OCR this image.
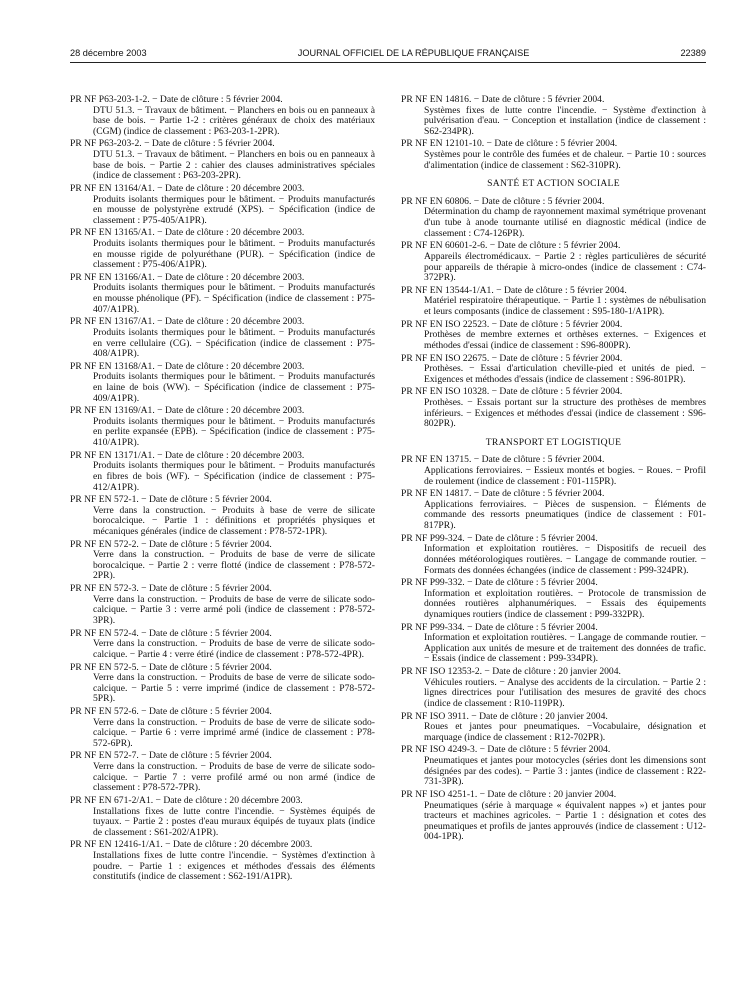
28 décembre 2003	JOURNAL OFFICIEL DE LA RÉPUBLIQUE FRANÇAISE	22389
PR NF P63-203-1-2. − Date de clôture : 5 février 2004.
DTU 51.3. − Travaux de bâtiment. − Planchers en bois ou en panneaux à base de bois. − Partie 1-2 : critères généraux de choix des matériaux (CGM) (indice de classement : P63-203-1-2PR).
PR NF P63-203-2. − Date de clôture : 5 février 2004.
DTU 51.3. − Travaux de bâtiment. − Planchers en bois ou en panneaux à base de bois. − Partie 2 : cahier des clauses administratives spéciales (indice de classement : P63-203-2PR).
PR NF EN 13164/A1. − Date de clôture : 20 décembre 2003.
Produits isolants thermiques pour le bâtiment. − Produits manufacturés en mousse de polystyrène extrudé (XPS). − Spécification (indice de classement : P75-405/A1PR).
PR NF EN 13165/A1. − Date de clôture : 20 décembre 2003.
Produits isolants thermiques pour le bâtiment. − Produits manufacturés en mousse rigide de polyuréthane (PUR). − Spécification (indice de classement : P75-406/A1PR).
PR NF EN 13166/A1. − Date de clôture : 20 décembre 2003.
Produits isolants thermiques pour le bâtiment. − Produits manufacturés en mousse phénolique (PF). − Spécification (indice de classement : P75-407/A1PR).
PR NF EN 13167/A1. − Date de clôture : 20 décembre 2003.
Produits isolants thermiques pour le bâtiment. − Produits manufacturés en verre cellulaire (CG). − Spécification (indice de classement : P75-408/A1PR).
PR NF EN 13168/A1. − Date de clôture : 20 décembre 2003.
Produits isolants thermiques pour le bâtiment. − Produits manufacturés en laine de bois (WW). − Spécification (indice de classement : P75-409/A1PR).
PR NF EN 13169/A1. − Date de clôture : 20 décembre 2003.
Produits isolants thermiques pour le bâtiment. − Produits manufacturés en perlite expansée (EPB). − Spécification (indice de classement : P75-410/A1PR).
PR NF EN 13171/A1. − Date de clôture : 20 décembre 2003.
Produits isolants thermiques pour le bâtiment. − Produits manufacturés en fibres de bois (WF). − Spécification (indice de classement : P75-412/A1PR).
PR NF EN 572-1. − Date de clôture : 5 février 2004.
Verre dans la construction. − Produits à base de verre de silicate borocalcique. − Partie 1 : définitions et propriétés physiques et mécaniques générales (indice de classement : P78-572-1PR).
PR NF EN 572-2. − Date de clôture : 5 février 2004.
Verre dans la construction. − Produits de base de verre de silicate borocalcique. − Partie 2 : verre flotté (indice de classement : P78-572-2PR).
PR NF EN 572-3. − Date de clôture : 5 février 2004.
Verre dans la construction. − Produits de base de verre de silicate sodo-calcique. − Partie 3 : verre armé poli (indice de classement : P78-572-3PR).
PR NF EN 572-4. − Date de clôture : 5 février 2004.
Verre dans la construction. − Produits de base de verre de silicate sodo-calcique. − Partie 4 : verre étiré (indice de classement : P78-572-4PR).
PR NF EN 572-5. − Date de clôture : 5 février 2004.
Verre dans la construction. − Produits de base de verre de silicate sodo-calcique. − Partie 5 : verre imprimé (indice de classement : P78-572-5PR).
PR NF EN 572-6. − Date de clôture : 5 février 2004.
Verre dans la construction. − Produits de base de verre de silicate sodo-calcique. − Partie 6 : verre imprimé armé (indice de classement : P78-572-6PR).
PR NF EN 572-7. − Date de clôture : 5 février 2004.
Verre dans la construction. − Produits de base de verre de silicate sodo-calcique. − Partie 7 : verre profilé armé ou non armé (indice de classement : P78-572-7PR).
PR NF EN 671-2/A1. − Date de clôture : 20 décembre 2003.
Installations fixes de lutte contre l'incendie. − Systèmes équipés de tuyaux. − Partie 2 : postes d'eau muraux équipés de tuyaux plats (indice de classement : S61-202/A1PR).
PR NF EN 12416-1/A1. − Date de clôture : 20 décembre 2003.
Installations fixes de lutte contre l'incendie. − Systèmes d'extinction à poudre. − Partie 1 : exigences et méthodes d'essais des éléments constitutifs (indice de classement : S62-191/A1PR).
PR NF EN 14816. − Date de clôture : 5 février 2004.
Systèmes fixes de lutte contre l'incendie. − Système d'extinction à pulvérisation d'eau. − Conception et installation (indice de classement : S62-234PR).
PR NF EN 12101-10. − Date de clôture : 5 février 2004.
Systèmes pour le contrôle des fumées et de chaleur. − Partie 10 : sources d'alimentation (indice de classement : S62-310PR).
SANTÉ ET ACTION SOCIALE
PR NF EN 60806. − Date de clôture : 5 février 2004.
Détermination du champ de rayonnement maximal symétrique provenant d'un tube à anode tournante utilisé en diagnostic médical (indice de classement : C74-126PR).
PR NF EN 60601-2-6. − Date de clôture : 5 février 2004.
Appareils électromédicaux. − Partie 2 : règles particulières de sécurité pour appareils de thérapie à micro-ondes (indice de classement : C74-372PR).
PR NF EN 13544-1/A1. − Date de clôture : 5 février 2004.
Matériel respiratoire thérapeutique. − Partie 1 : systèmes de nébulisation et leurs composants (indice de classement : S95-180-1/A1PR).
PR NF EN ISO 22523. − Date de clôture : 5 février 2004.
Prothèses de membre externes et orthèses externes. − Exigences et méthodes d'essai (indice de classement : S96-800PR).
PR NF EN ISO 22675. − Date de clôture : 5 février 2004.
Prothèses. − Essai d'articulation cheville-pied et unités de pied. − Exigences et méthodes d'essais (indice de classement : S96-801PR).
PR NF EN ISO 10328. − Date de clôture : 5 février 2004.
Prothèses. − Essais portant sur la structure des prothèses de membres inférieurs. − Exigences et méthodes d'essai (indice de classement : S96-802PR).
TRANSPORT ET LOGISTIQUE
PR NF EN 13715. − Date de clôture : 5 février 2004.
Applications ferroviaires. − Essieux montés et bogies. − Roues. − Profil de roulement (indice de classement : F01-115PR).
PR NF EN 14817. − Date de clôture : 5 février 2004.
Applications ferroviaires. − Pièces de suspension. − Éléments de commande des ressorts pneumatiques (indice de classement : F01-817PR).
PR NF P99-324. − Date de clôture : 5 février 2004.
Information et exploitation routières. − Dispositifs de recueil des données météorologiques routières. − Langage de commande routier. − Formats des données échangées (indice de classement : P99-324PR).
PR NF P99-332. − Date de clôture : 5 février 2004.
Information et exploitation routières. − Protocole de transmission de données routières alphanumériques. − Essais des équipements dynamiques routiers (indice de classement : P99-332PR).
PR NF P99-334. − Date de clôture : 5 février 2004.
Information et exploitation routières. − Langage de commande routier. − Application aux unités de mesure et de traitement des données de trafic. − Essais (indice de classement : P99-334PR).
PR NF ISO 12353-2. − Date de clôture : 20 janvier 2004.
Véhicules routiers. − Analyse des accidents de la circulation. − Partie 2 : lignes directrices pour l'utilisation des mesures de gravité des chocs (indice de classement : R10-119PR).
PR NF ISO 3911. − Date de clôture : 20 janvier 2004.
Roues et jantes pour pneumatiques. −Vocabulaire, désignation et marquage (indice de classement : R12-702PR).
PR NF ISO 4249-3. − Date de clôture : 5 février 2004.
Pneumatiques et jantes pour motocycles (séries dont les dimensions sont désignées par des codes). − Partie 3 : jantes (indice de classement : R22-731-3PR).
PR NF ISO 4251-1. − Date de clôture : 20 janvier 2004.
Pneumatiques (série à marquage « équivalent nappes ») et jantes pour tracteurs et machines agricoles. − Partie 1 : désignation et cotes des pneumatiques et profils de jantes approuvés (indice de classement : U12-004-1PR).
